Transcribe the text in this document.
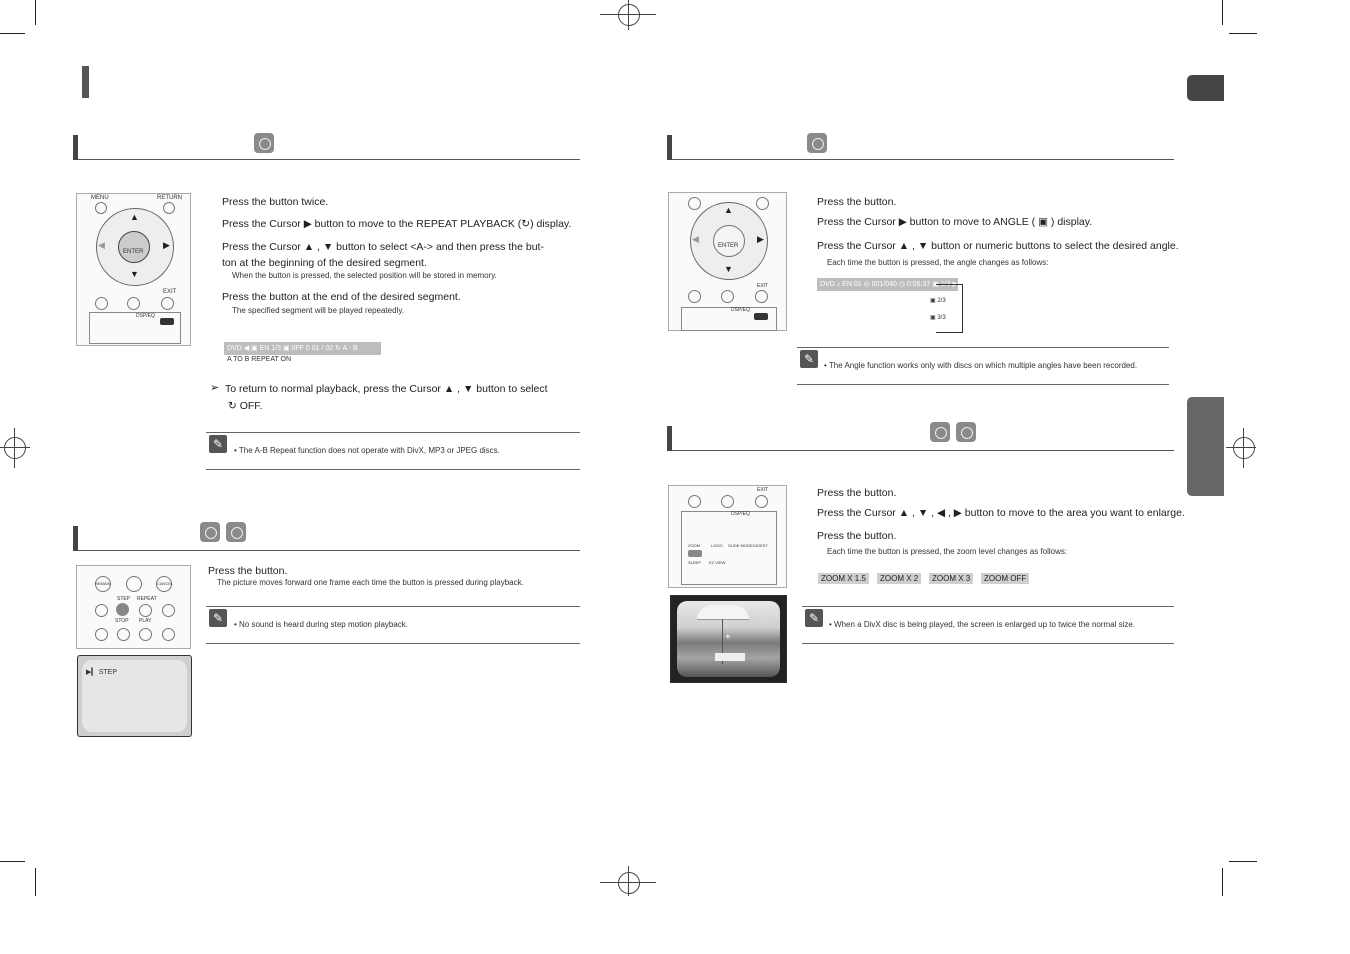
MENU	RETURN
ENTER
▲
▼
▶
◀
EXIT
DSP/EQ
Press the button twice.
Press the Cursor ▶ button to move to the REPEAT PLAYBACK (↻) display.
Press the Cursor ▲ , ▼ button to select <A-> and then press the but-
ton at the beginning of the desired segment.
When the button is pressed, the selected position will be stored in memory.
Press the button at the end of the desired segment.
The specified segment will be played repeatedly.
DVD ◀ ▣ EN 1/3 ▣ 0FF 0 01 / 02 ↻ A - B
A TO B REPEAT ON
➢ To return to normal playback, press the Cursor ▲ , ▼ button to select
↻ OFF.
✎	• The A-B Repeat function does not operate with DivX, MP3 or JPEG discs.
REMAIN	CANCEL
STEP REPEAT
STOP PLAY
Press the button.
The picture moves forward one frame each time the button is pressed during playback.
✎	• No sound is heard during step motion playback.
▶▎ STEP
ENTER
▲
▼
▶
◀
EXIT
DSP/EQ
Press the button.
Press the Cursor ▶ button to move to ANGLE ( ▣ ) display.
Press the Cursor ▲ , ▼ button or numeric buttons to select the desired angle.
Each time the button is pressed, the angle changes as follows:
DVD ♪ EN 01 ◎ 001/040 ◷ 0:05:37 ▣ 1/3 ▶
▣ 2/3
▣ 3/3
✎	• The Angle function works only with discs on which multiple angles have been recorded.
EXIT
DSP/EQ
ZOOM	LOGO SLIDE MODE DIGEST
SLEEP EZ VIEW
Press the button.
Press the Cursor ▲ , ▼ , ◀ , ▶ button to move to the area you want to enlarge.
Press the button.
Each time the button is pressed, the zoom level changes as follows:
ZOOM X 1.5	ZOOM X 2	ZOOM X 3	ZOOM OFF
+
✎	• When a DivX disc is being played, the screen is enlarged up to twice the normal size.
